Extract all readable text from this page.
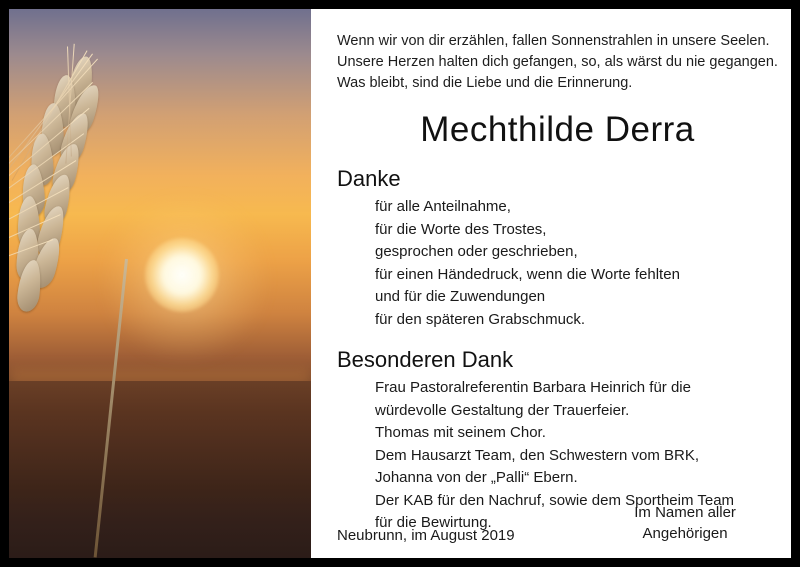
Wenn wir von dir erzählen, fallen Sonnenstrahlen in unsere Seelen.
Unsere Herzen halten dich gefangen, so, als wärst du nie gegangen.
Was bleibt, sind die Liebe und die Erinnerung.
Mechthilde Derra
Danke
für alle Anteilnahme,
für die Worte des Trostes,
gesprochen oder geschrieben,
für einen Händedruck, wenn die Worte fehlten
und für die Zuwendungen
für den späteren Grabschmuck.
Besonderen Dank
Frau Pastoralreferentin Barbara Heinrich für die
würdevolle Gestaltung der Trauerfeier.
Thomas mit seinem Chor.
Dem Hausarzt Team, den Schwestern vom BRK,
Johanna von der „Palli“ Ebern.
Der KAB für den Nachruf, sowie dem Sportheim Team
für die Bewirtung.
Neubrunn, im August 2019
Im Namen aller
Angehörigen
